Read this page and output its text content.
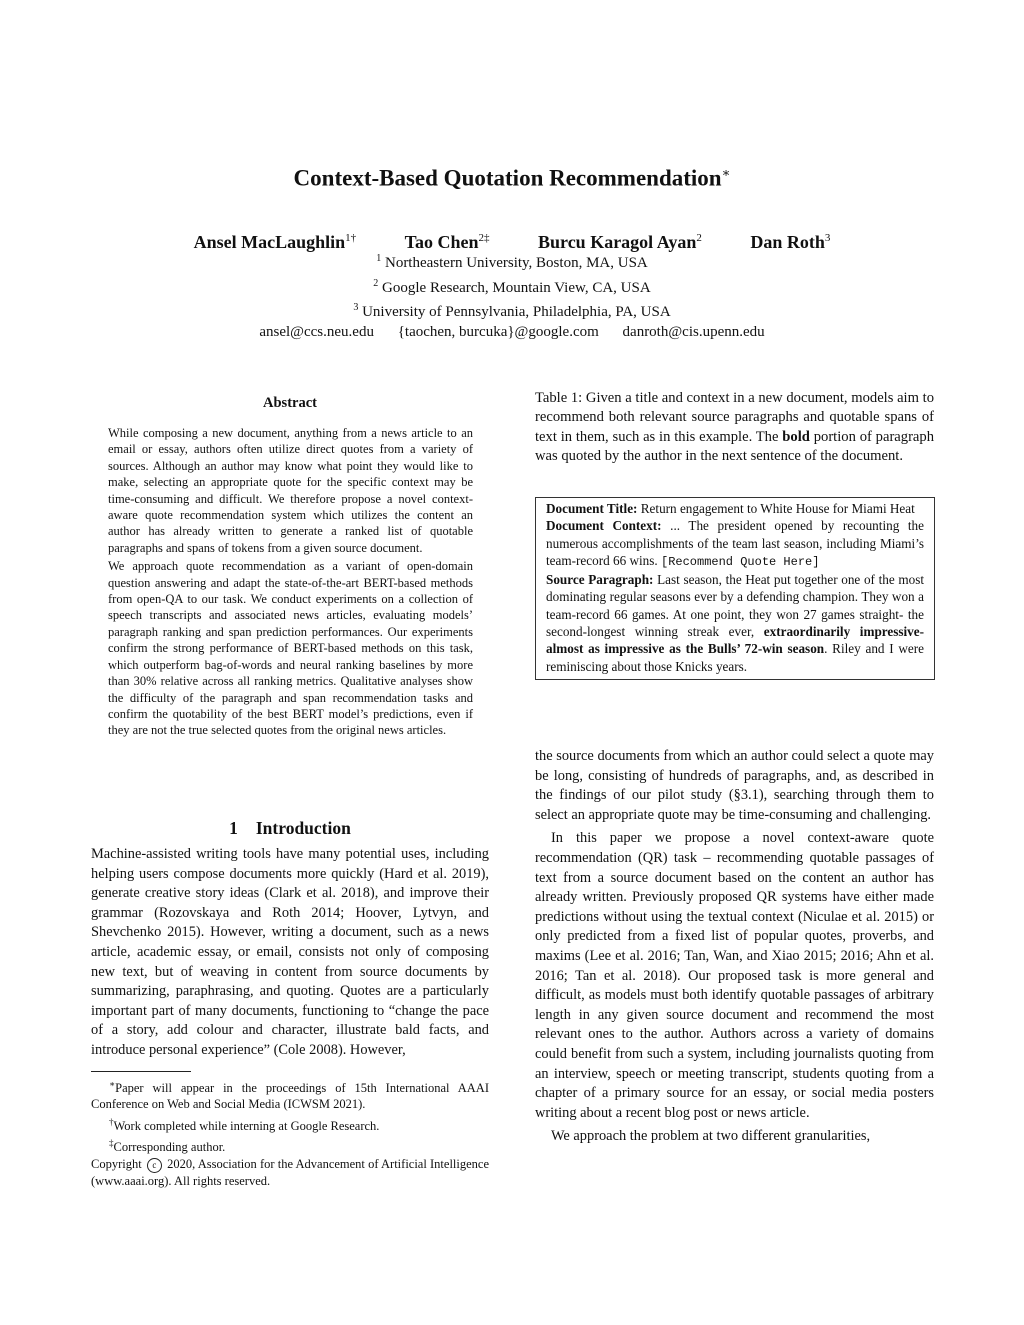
Context-Based Quotation Recommendation∗
Ansel MacLaughlin$^{1\dagger}$	Tao Chen$^{2\ddagger}$	Burcu Karagol Ayan$^2$	Dan Roth$^3$
$^1$ Northeastern University, Boston, MA, USA
$^2$ Google Research, Mountain View, CA, USA
$^3$ University of Pennsylvania, Philadelphia, PA, USA
ansel@ccs.neu.edu {taochen, burcuka}@google.com danroth@cis.upenn.edu
Abstract

While composing a new document, anything from a news article to an email or essay, authors often utilize direct quotes from a variety of sources. Although an author may know what point they would like to make, selecting an appropriate quote for the specific context may be time-consuming and difficult. We therefore propose a novel context-aware quote recommendation system which utilizes the content an author has already written to generate a ranked list of quotable paragraphs and spans of tokens from a given source document.

We approach quote recommendation as a variant of open-domain question answering and adapt the state-of-the-art BERT-based methods from open-QA to our task. We conduct experiments on a collection of speech transcripts and associated news articles, evaluating models’ paragraph ranking and span prediction performances. Our experiments confirm the strong performance of BERT-based methods on this task, which outperform bag-of-words and neural ranking baselines by more than 30% relative across all ranking metrics. Qualitative analyses show the difficulty of the paragraph and span recommendation tasks and confirm the quotability of the best BERT model’s predictions, even if they are not the true selected quotes from the original news articles.

1 Introduction

Machine-assisted writing tools have many potential uses, including helping users compose documents more quickly (Hard et al. 2019), generate creative story ideas (Clark et al. 2018), and improve their grammar (Rozovskaya and Roth 2014; Hoover, Lytvyn, and Shevchenko 2015). However, writing a document, such as a news article, academic essay, or email, consists not only of composing new text, but of weaving in content from source documents by summarizing, paraphrasing, and quoting. Quotes are a particularly important part of many documents, functioning to “change the pace of a story, add colour and character, illustrate bald facts, and introduce personal experience” (Cole 2008). However,

∗Paper will appear in the proceedings of 15th International AAAI Conference on Web and Social Media (ICWSM 2021).

†Work completed while interning at Google Research.

‡Corresponding author.

Copyright c 2020, Association for the Advancement of Artificial Intelligence (www.aaai.org). All rights reserved.

Table 1: Given a title and context in a new document, models aim to recommend both relevant source paragraphs and quotable spans of text in them, such as in this example. The bold portion of paragraph was quoted by the author in the next sentence of the document.

Document Title: Return engagement to White House for Miami Heat

Document Context: ... The president opened by recounting the numerous accomplishments of the team last season, including Miami’s team-record 66 wins. [Recommend Quote Here]

Source Paragraph: Last season, the Heat put together one of the most dominating regular seasons ever by a defending champion. They won a team-record 66 games. At one point, they won 27 games straight- the second-longest winning streak ever, extraordinarily impressive- almost as impressive as the Bulls’ 72-win season. Riley and I were reminiscing about those Knicks years.

the source documents from which an author could select a quote may be long, consisting of hundreds of paragraphs, and, as described in the findings of our pilot study (§3.1), searching through them to select an appropriate quote may be time-consuming and challenging.

In this paper we propose a novel context-aware quote recommendation (QR) task – recommending quotable passages of text from a source document based on the content an author has already written. Previously proposed QR systems have either made predictions without using the textual context (Niculae et al. 2015) or only predicted from a fixed list of popular quotes, proverbs, and maxims (Lee et al. 2016; Tan, Wan, and Xiao 2015; 2016; Ahn et al. 2016; Tan et al. 2018). Our proposed task is more general and difficult, as models must both identify quotable passages of arbitrary length in any given source document and recommend the most relevant ones to the author. Authors across a variety of domains could benefit from such a system, including journalists quoting from an interview, speech or meeting transcript, students quoting from a chapter of a primary source for an essay, or social media posters writing about a recent blog post or news article.

We approach the problem at two different granularities,
